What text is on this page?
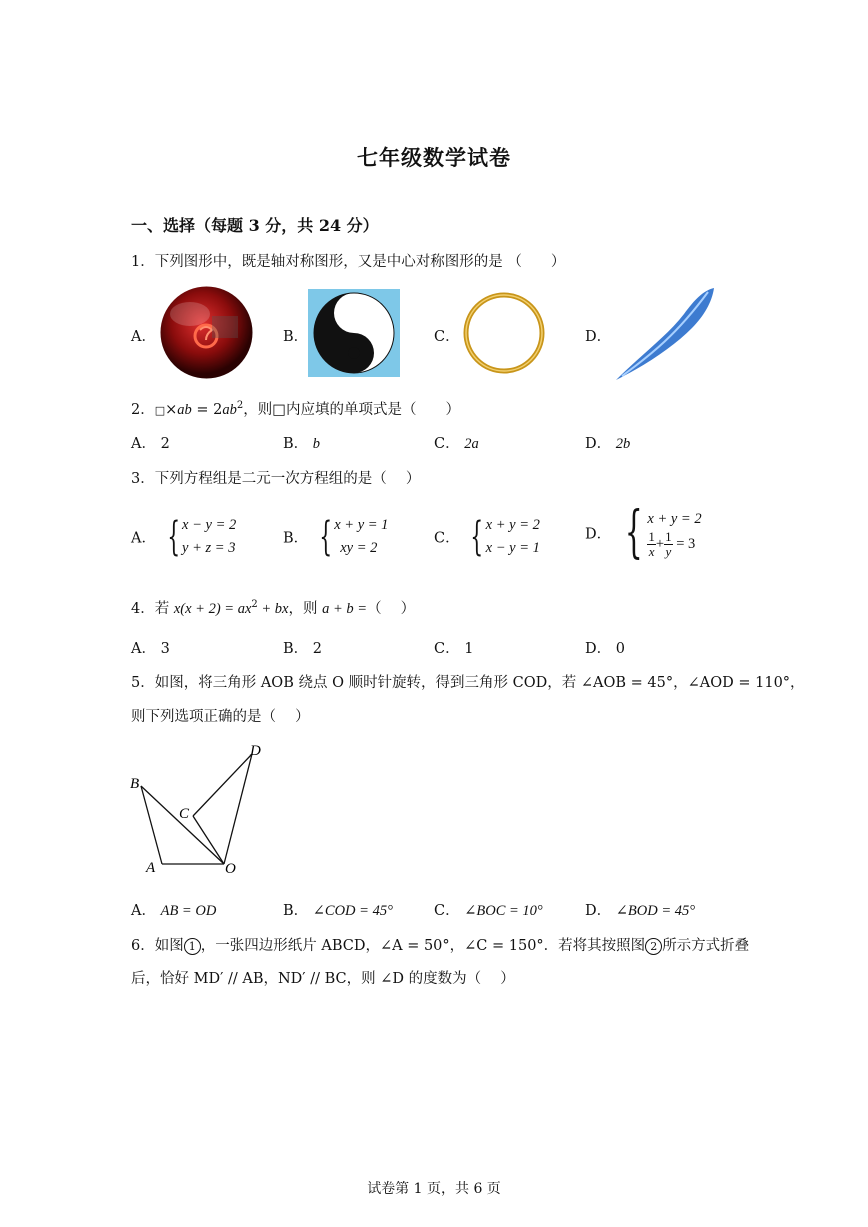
七年级数学试卷
一、选择（每题 3 分，共 24 分）
1．下列图形中，既是轴对称图形，又是中心对称图形的是 （　　）
A．	B．	C．	D．
2．□×ab = $2ab^2$，则□内应填的单项式是（　　）
A． 2	B． b	C． 2a	D． 2b
3．下列方程组是二元一次方程组的是（　 ）
A． { x − y = 2
y + z = 3
B． { x + y = 1
xy = 2
C． { x + y = 2
x − y = 1
D． { x + y = 2
$\frac{1}{x} + \frac{1}{y} = 3$
4．若 $x(x + 2) = ax^2$ + bx，则 a + b =（　 ）
A． 3	B． 2	C． 1	D． 0
5．如图，将三角形 AOB 绕点 O 顺时针旋转，得到三角形 COD，若 ∠AOB = 45°，∠AOD = 110°，
则下列选项正确的是（　 ）
B
A
C
D
O
A． AB = OD	B． ∠COD = 45°	C． ∠BOC = 10°	D． ∠BOD = 45°
6．如图 1 ，一张四边形纸片 ABCD，∠A = 50°，∠C = 150°．若将其按照图 2 所示方式折叠
后，恰好 MD′ // AB，ND′ // BC，则 ∠D 的度数为（　 ）
试卷第 1 页，共 6 页
